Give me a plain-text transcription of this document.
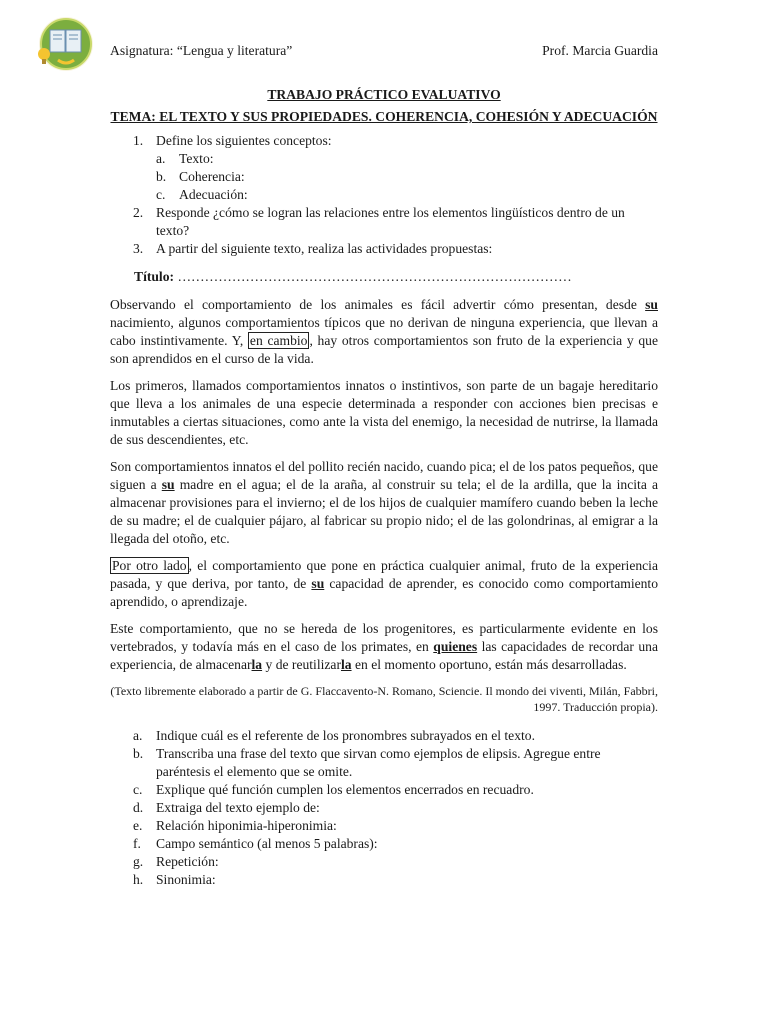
Asignatura: “Lengua y literatura”	Prof. Marcia Guardia
TRABAJO PRÁCTICO EVALUATIVO
TEMA: EL TEXTO Y SUS PROPIEDADES. COHERENCIA, COHESIÓN Y ADECUACIÓN
1. Define los siguientes conceptos:
a. Texto:
b. Coherencia:
c. Adecuación:
2. Responde ¿cómo se logran las relaciones entre los elementos lingüísticos dentro de un texto?
3. A partir del siguiente texto, realiza las actividades propuestas:
Título: ……………………………………………………………………………

Observando el comportamiento de los animales es fácil advertir cómo presentan, desde su nacimiento, algunos comportamientos típicos que no derivan de ninguna experiencia, que llevan a cabo instintivamente. Y, en cambio , hay otros comportamientos son fruto de la experiencia y que son aprendidos en el curso de la vida.

Los primeros, llamados comportamientos innatos o instintivos, son parte de un bagaje hereditario que lleva a los animales de una especie determinada a responder con acciones bien precisas e inmutables a ciertas situaciones, como ante la vista del enemigo, la necesidad de nutrirse, la llamada de sus descendientes, etc.

Son comportamientos innatos el del pollito recién nacido, cuando pica; el de los patos pequeños, que siguen a su madre en el agua; el de la araña, al construir su tela; el de la ardilla, que la incita a almacenar provisiones para el invierno; el de los hijos de cualquier mamífero cuando beben la leche de su madre; el de cualquier pájaro, al fabricar su propio nido; el de las golondrinas, al emigrar a la llegada del otoño, etc.

Por otro lado , el comportamiento que pone en práctica cualquier animal, fruto de la experiencia pasada, y que deriva, por tanto, de su capacidad de aprender, es conocido como comportamiento aprendido, o aprendizaje.

Este comportamiento, que no se hereda de los progenitores, es particularmente evidente en los vertebrados, y todavía más en el caso de los primates, en quienes las capacidades de recordar una experiencia, de almacenarla y de reutilizarla en el momento oportuno, están más desarrolladas.

(Texto libremente elaborado a partir de G. Flaccavento-N. Romano, Sciencie. Il mondo dei viventi, Milán, Fabbri, 1997. Traducción propia).
a. Indique cuál es el referente de los pronombres subrayados en el texto.
b. Transcriba una frase del texto que sirvan como ejemplos de elipsis. Agregue entre paréntesis el elemento que se omite.
c. Explique qué función cumplen los elementos encerrados en recuadro.
d. Extraiga del texto ejemplo de:
e. Relación hiponimia-hiperonimia:
f. Campo semántico (al menos 5 palabras):
g. Repetición:
h. Sinonimia:
